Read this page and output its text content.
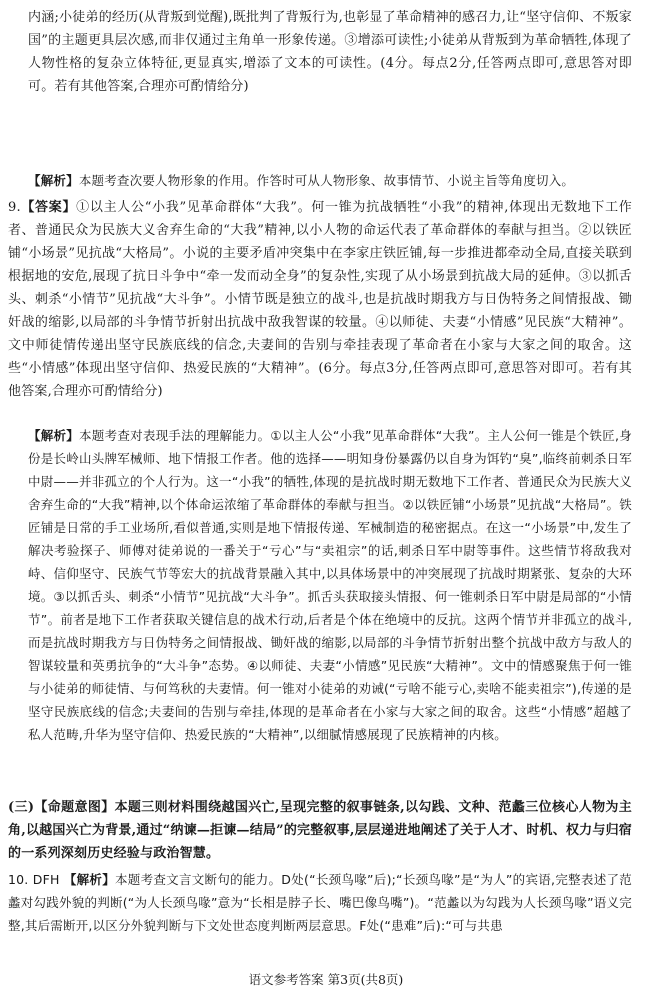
内涵;小徒弟的经历(从背叛到觉醒),既批判了背叛行为,也彰显了革命精神的感召力,让“坚守信仰、不叛家国”的主题更具层次感,而非仅通过主角单一形象传递。③增添可读性;小徒弟从背叛到为革命牺牲,体现了人物性格的复杂立体特征,更显真实,增添了文本的可读性。(4分。每点2分,任答两点即可,意思答对即可。若有其他答案,合理亦可酌情给分)
【解析】本题考查次要人物形象的作用。作答时可从人物形象、故事情节、小说主旨等角度切入。
9.【答案】①以主人公“小我”见革命群体“大我”。何一锥为抗战牺牲“小我”的精神,体现出无数地下工作者、普通民众为民族大义舍弃生命的“大我”精神,以小人物的命运代表了革命群体的奉献与担当。②以铁匠铺“小场景”见抗战“大格局”。小说的主要矛盾冲突集中在李家庄铁匠铺,每一步推进都牵动全局,直接关联到根据地的安危,展现了抗日斗争中“牵一发而动全身”的复杂性,实现了从小场景到抗战大局的延伸。③以抓舌头、刺杀“小情节”见抗战“大斗争”。小情节既是独立的战斗,也是抗战时期我方与日伪特务之间情报战、锄奸战的缩影,以局部的斗争情节折射出抗战中敌我智谋的较量。④以师徒、夫妻“小情感”见民族“大精神”。文中师徒情传递出坚守民族底线的信念,夫妻间的告别与牵挂表现了革命者在小家与大家之间的取舍。这些“小情感”体现出坚守信仰、热爱民族的“大精神”。(6分。每点3分,任答两点即可,意思答对即可。若有其他答案,合理亦可酌情给分)
【解析】本题考查对表现手法的理解能力。①以主人公“小我”见革命群体“大我”。主人公何一锥是个铁匠,身份是长岭山头牌军械师、地下情报工作者。他的选择——明知身份暴露仍以自身为饵钓“臭”,临终前刺杀日军中尉——并非孤立的个人行为。这一“小我”的牺牲,体现的是抗战时期无数地下工作者、普通民众为民族大义舍弃生命的“大我”精神,以个体命运浓缩了革命群体的奉献与担当。②以铁匠铺“小场景”见抗战“大格局”。铁匠铺是日常的手工业场所,看似普通,实则是地下情报传递、军械制造的秘密据点。在这一“小场景”中,发生了解决考验探子、师傅对徒弟说的一番关于“亏心”与“卖祖宗”的话,刺杀日军中尉等事件。这些情节将敌我对峙、信仰坚守、民族气节等宏大的抗战背景融入其中,以具体场景中的冲突展现了抗战时期紧张、复杂的大环境。③以抓舌头、刺杀“小情节”见抗战“大斗争”。抓舌头获取接头情报、何一锥刺杀日军中尉是局部的“小情节”。前者是地下工作者获取关键信息的战术行动,后者是个体在绝境中的反抗。这两个情节并非孤立的战斗,而是抗战时期我方与日伪特务之间情报战、锄奸战的缩影,以局部的斗争情节折射出整个抗战中敌方与敌人的智谋较量和英勇抗争的“大斗争”态势。④以师徒、夫妻“小情感”见民族“大精神”。文中的情感聚焦于何一锥与小徒弟的师徒情、与何笃秋的夫妻情。何一锥对小徒弟的劝诫(“亏啥不能亏心,卖啥不能卖祖宗”),传递的是坚守民族底线的信念;夫妻间的告别与牵挂,体现的是革命者在小家与大家之间的取舍。这些“小情感”超越了私人范畴,升华为坚守信仰、热爱民族的“大精神”,以细腻情感展现了民族精神的内核。
(三)【命题意图】本题三则材料围绕越国兴亡,呈现完整的叙事链条,以勾践、文种、范蠡三位核心人物为主角,以越国兴亡为背景,通过“纳谏—拒谏—结局”的完整叙事,层层递进地阐述了关于人才、时机、权力与归宿的一系列深刻历史经验与政治智慧。
10. DFH 【解析】本题考查文言文断句的能力。D处(“长颈鸟喙”后);“长颈鸟喙”是“为人”的宾语,完整表述了范蠡对勾践外貌的判断(“为人长颈鸟喙”意为“长相是脖子长、嘴巴像鸟嘴”)。“范蠡以为勾践为人长颈鸟喙”语义完整,其后需断开,以区分外貌判断与下文处世态度判断两层意思。F处(“患难”后):“可与共患
语文参考答案 第3页(共8页)
